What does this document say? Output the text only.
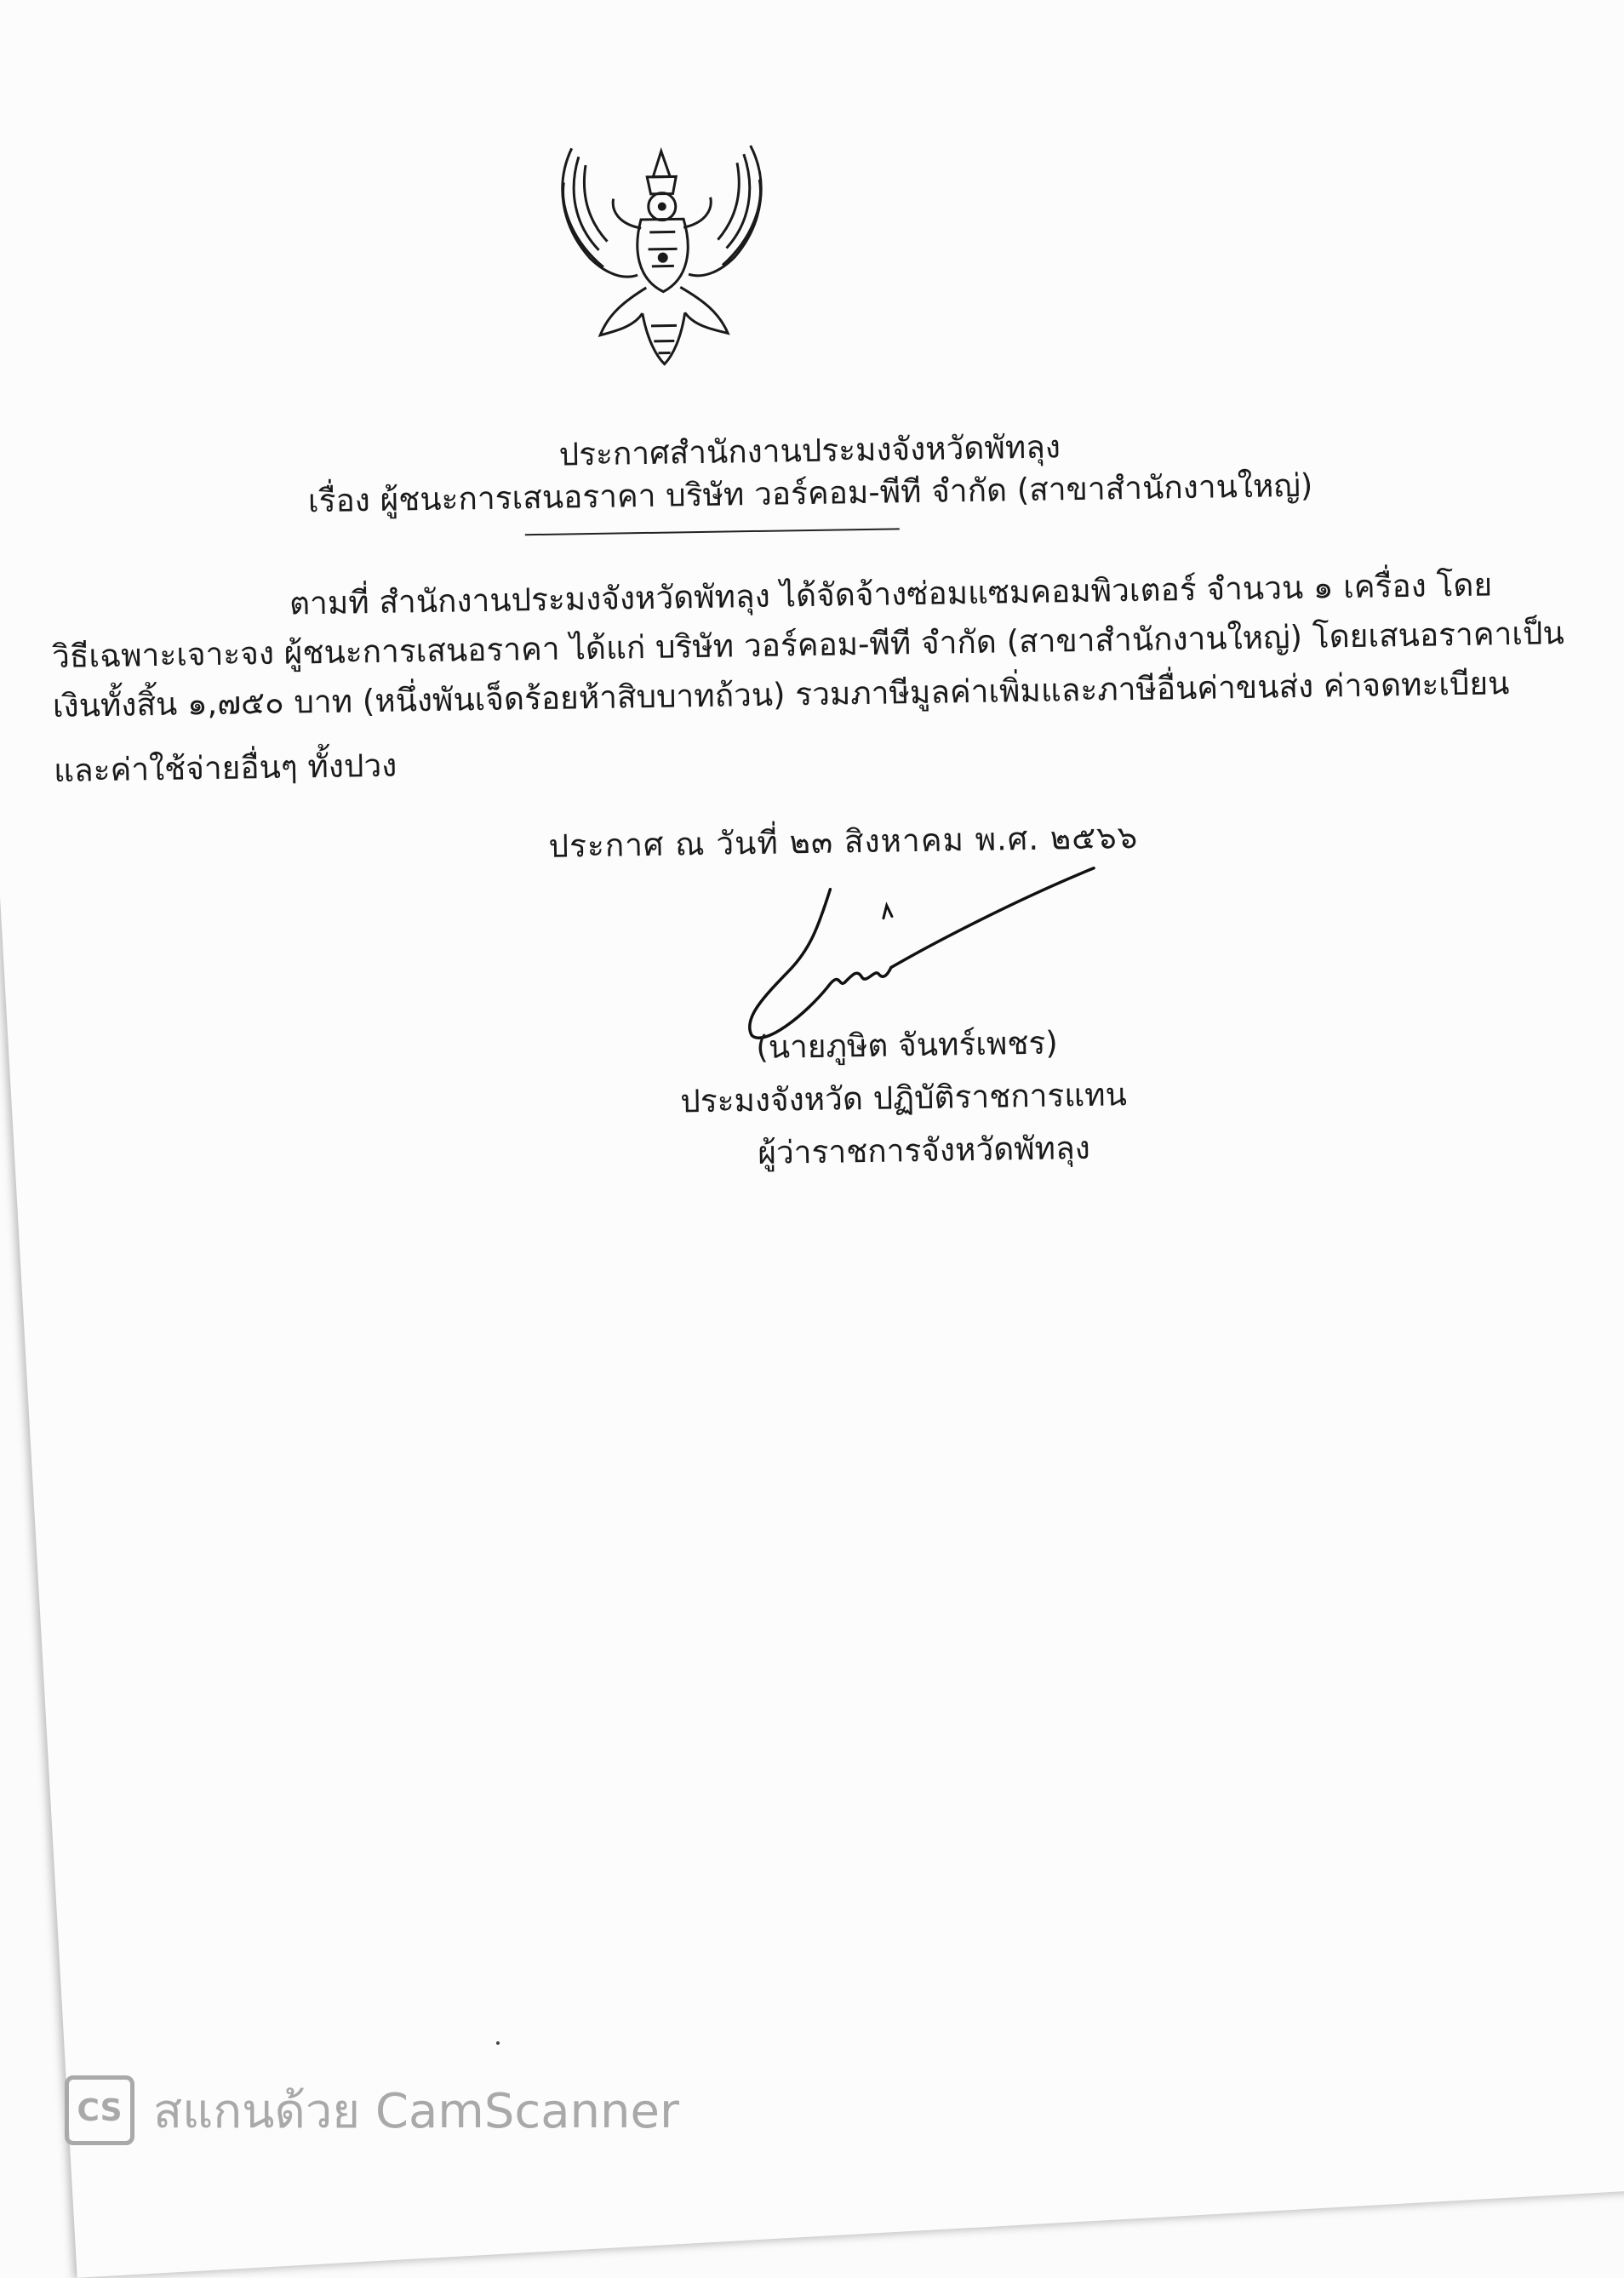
ประกาศสำนักงานประมงจังหวัดพัทลุง
เรื่อง ผู้ชนะการเสนอราคา บริษัท วอร์คอม-พีที จำกัด (สาขาสำนักงานใหญ่)
ตามที่ สำนักงานประมงจังหวัดพัทลุง ได้จัดจ้างซ่อมแซมคอมพิวเตอร์ จำนวน ๑ เครื่อง โดย
วิธีเฉพาะเจาะจง ผู้ชนะการเสนอราคา ได้แก่ บริษัท วอร์คอม-พีที จำกัด (สาขาสำนักงานใหญ่) โดยเสนอราคาเป็น
เงินทั้งสิ้น ๑,๗๕๐ บาท (หนึ่งพันเจ็ดร้อยห้าสิบบาทถ้วน) รวมภาษีมูลค่าเพิ่มและภาษีอื่นค่าขนส่ง ค่าจดทะเบียน
และค่าใช้จ่ายอื่นๆ ทั้งปวง
ประกาศ ณ วันที่ ๒๓ สิงหาคม พ.ศ. ๒๕๖๖
(นายภูษิต จันทร์เพชร)
ประมงจังหวัด ปฏิบัติราชการแทน
ผู้ว่าราชการจังหวัดพัทลุง
CS สแกนด้วย CamScanner
